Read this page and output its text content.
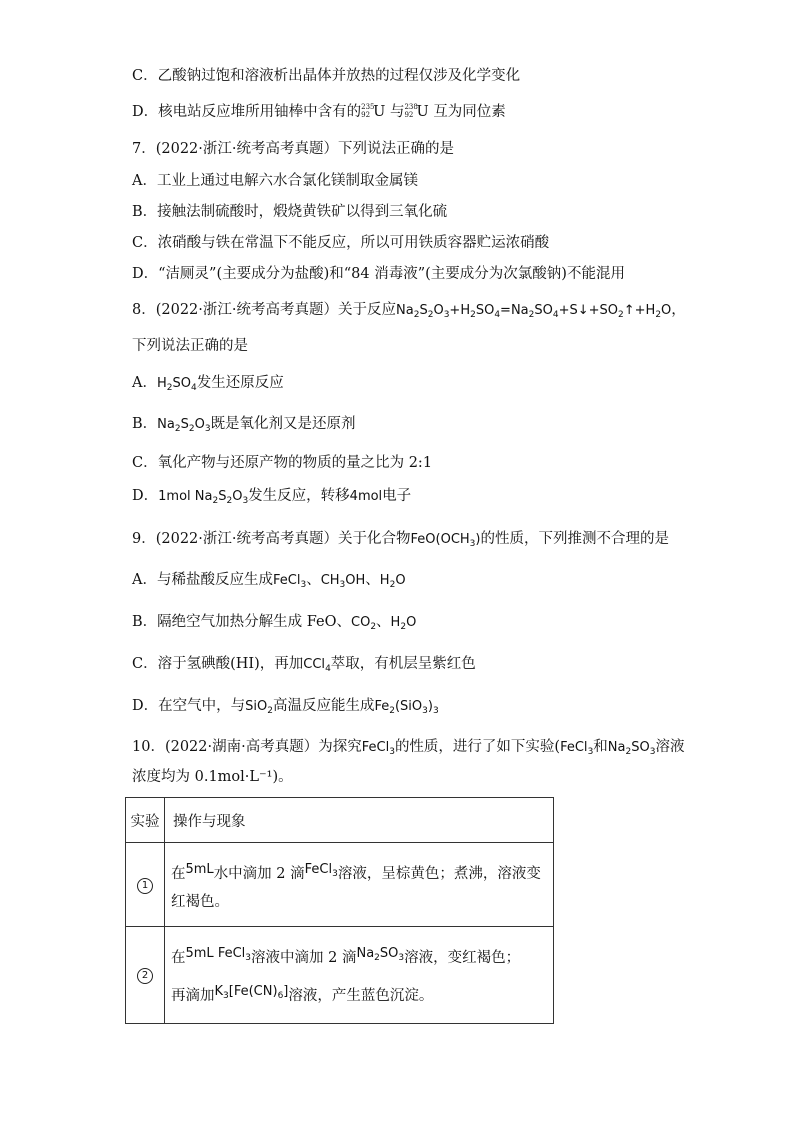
C．乙酸钠过饱和溶液析出晶体并放热的过程仅涉及化学变化
D．核电站反应堆所用铀棒中含有的 235
92 U 与 238
92 U 互为同位素
7．(2022·浙江·统考高考真题）下列说法正确的是
A．工业上通过电解六水合氯化镁制取金属镁
B．接触法制硫酸时，煅烧黄铁矿以得到三氧化硫
C．浓硝酸与铁在常温下不能反应，所以可用铁质容器贮运浓硝酸
D．“洁厕灵”(主要成分为盐酸)和“84 消毒液”(主要成分为次氯酸钠)不能混用
8．(2022·浙江·统考高考真题）关于反应$Na_2S_2O_3+H_2SO_4=Na_2SO_4+S↓+SO_2↑+H_2O$，
下列说法正确的是
A．$H_2SO_4$发生还原反应
B．$Na_2S_2O_3$既是氧化剂又是还原剂
C．氧化产物与还原产物的物质的量之比为 2:1
D．1mol $Na_2S_2O_3$发生反应，转移4mol电子
9．(2022·浙江·统考高考真题）关于化合物$FeO(OCH_3)$的性质，下列推测不合理的是
A．与稀盐酸反应生成FeCl$_3$、$CH_3OH$、$H_2O$
B．隔绝空气加热分解生成 FeO、$CO_2$、$H_2O$
C．溶于氢碘酸(HI)，再加CCl$_4$萃取，有机层呈紫红色
D．在空气中，与SiO$_2$高温反应能生成$Fe_2(SiO_3)_3$
10．(2022·湖南·高考真题）为探究FeCl$_3$的性质，进行了如下实验(FeCl$_3$和$Na_2SO_3$溶液
浓度均为 0.1mol·L⁻¹)。
实验	操作与现象
1	在5mL水中滴加 2 滴FeCl$_3$溶液，呈棕黄色；煮沸，溶液变
红褐色。

2	在5mL FeCl$_3$溶液中滴加 2 滴$Na_2SO_3$溶液，变红褐色；
再滴加$K_3[Fe(CN)_6]$溶液，产生蓝色沉淀。
